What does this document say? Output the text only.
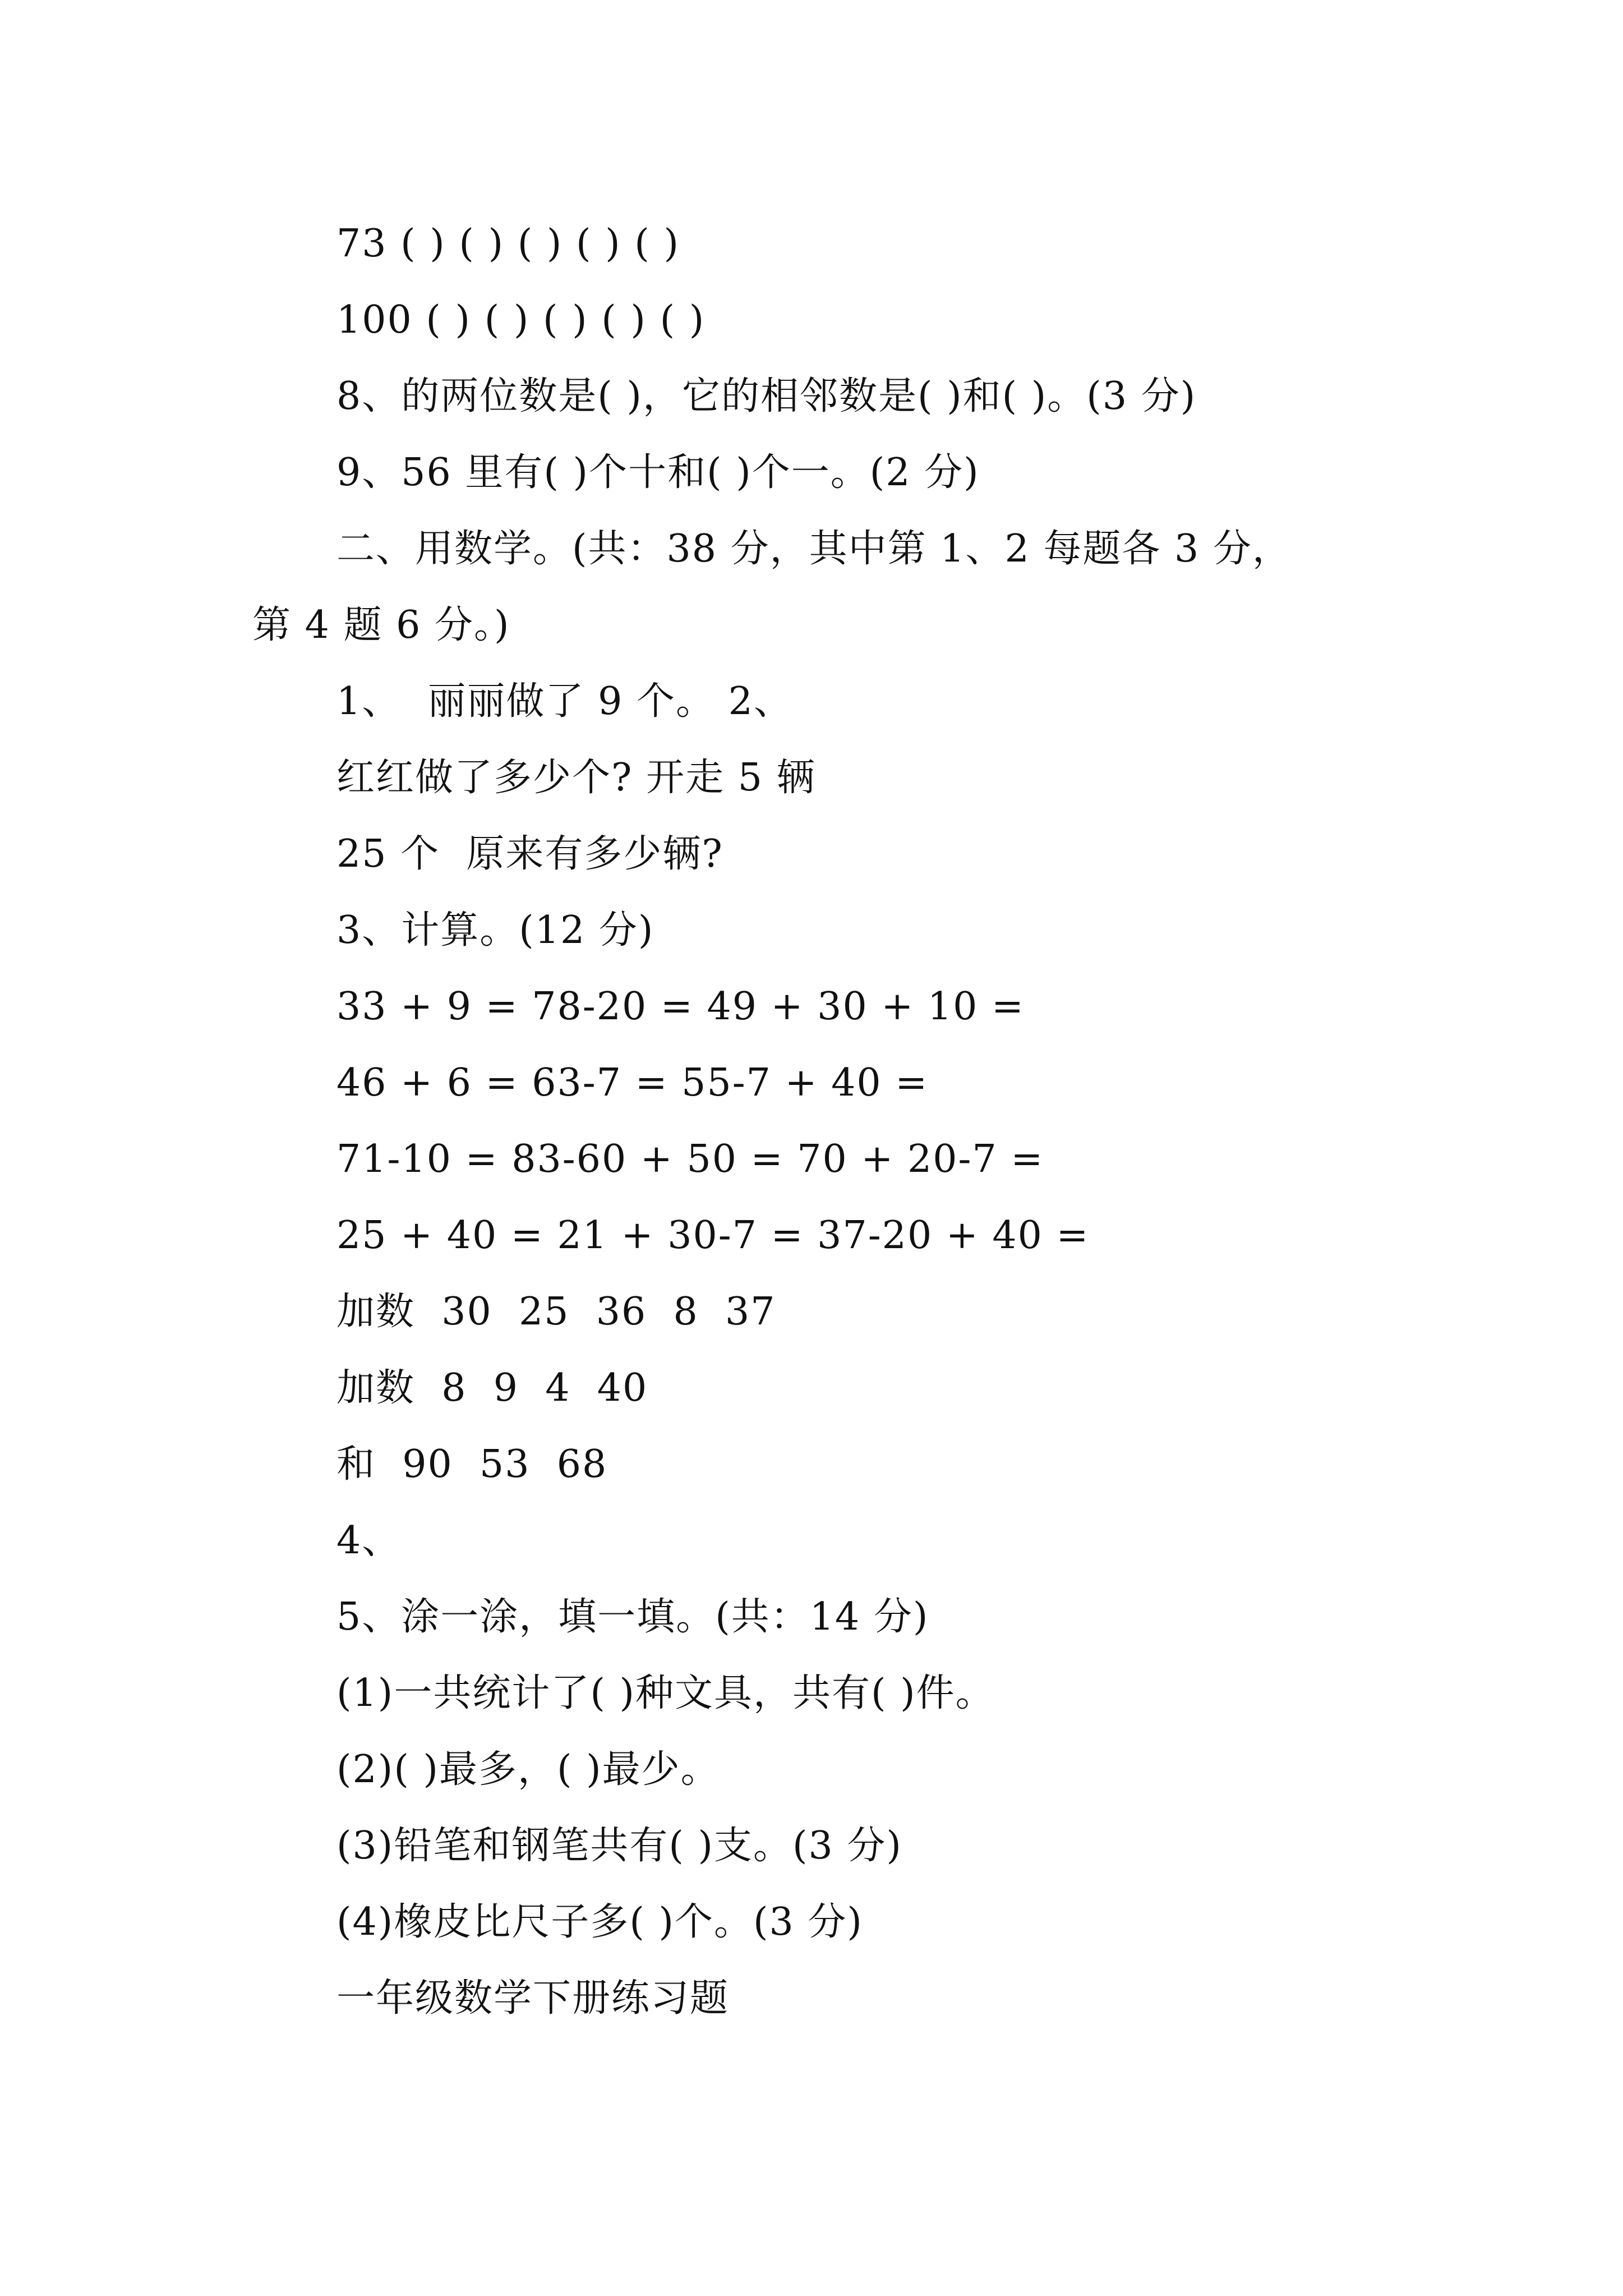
73 ( ) ( ) ( ) ( ) ( )
100 ( ) ( ) ( ) ( ) ( )
8、的两位数是( )，它的相邻数是( )和( )。(3 分)
9、56 里有( )个十和( )个一。(2 分)
二、用数学。(共：38 分，其中第 1、2 每题各 3 分，
第 4 题 6 分。)
1、  丽丽做了 9 个。 2、
红红做了多少个? 开走 5 辆
25 个  原来有多少辆?
3、计算。(12 分)
33 + 9 = 78-20 = 49 + 30 + 10 =
46 + 6 = 63-7 = 55-7 + 40 =
71-10 = 83-60 + 50 = 70 + 20-7 =
25 + 40 = 21 + 30-7 = 37-20 + 40 =
加数  30  25  36  8  37
加数  8  9  4  40
和  90  53  68
4、
5、涂一涂，填一填。(共：14 分)
(1)一共统计了( )种文具，共有( )件。
(2)( )最多，( )最少。
(3)铅笔和钢笔共有( )支。(3 分)
(4)橡皮比尺子多( )个。(3 分)
一年级数学下册练习题
